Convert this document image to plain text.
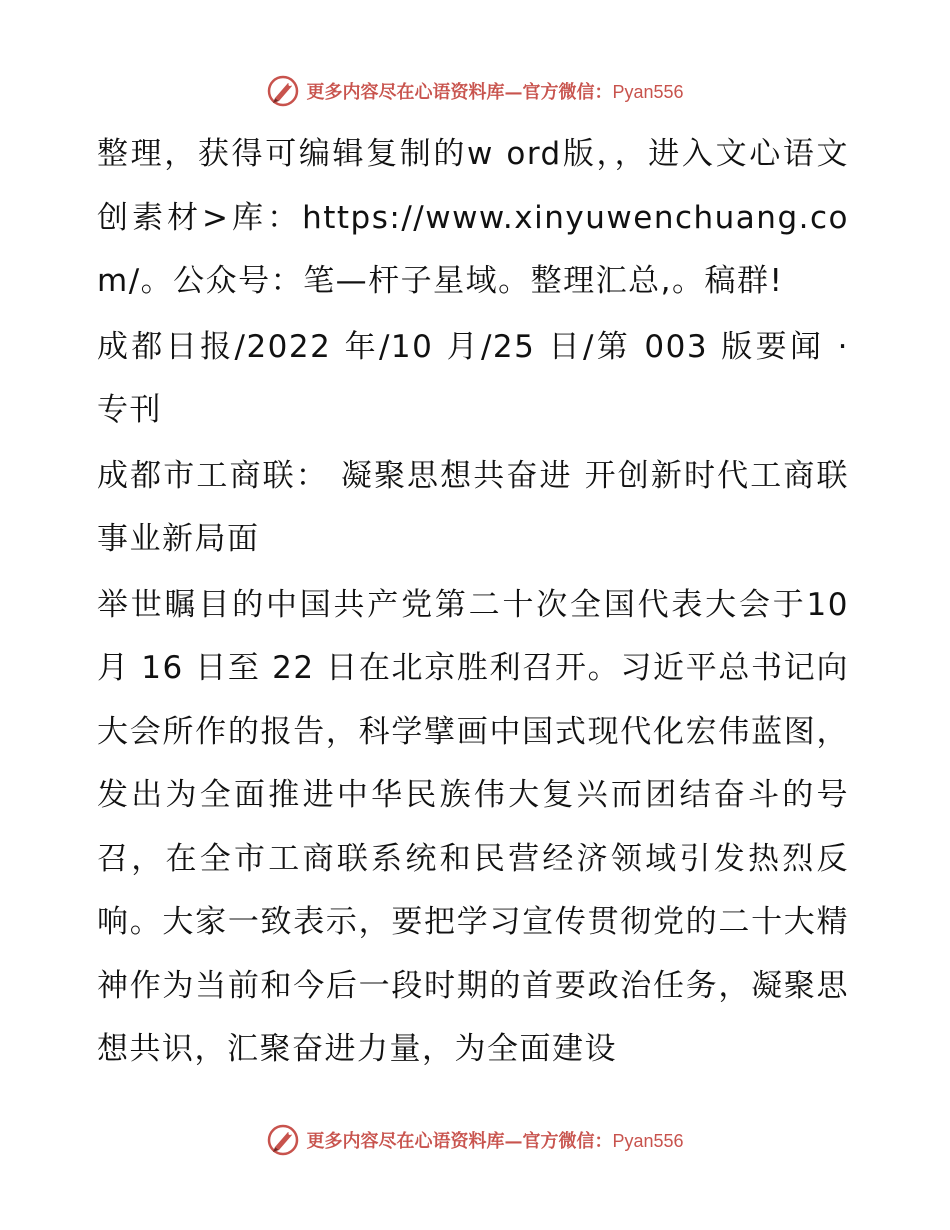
更多内容尽在心语资料库—官方微信：Pyan556

整理，获得可编辑复制的w ord版，，进入文心语文创素材>库：https://www.xinyuwenchuang.com/。公众号：笔—杆子星域。整理汇总,。稿群!

成都日报/2022 年/10 月/25 日/第 003 版要闻 · 专刊

成都市工商联： 凝聚思想共奋进 开创新时代工商联事业新局面

举世瞩目的中国共产党第二十次全国代表大会于10 月 16 日至 22 日在北京胜利召开。习近平总书记向大会所作的报告，科学擘画中国式现代化宏伟蓝图，发出为全面推进中华民族伟大复兴而团结奋斗的号召，在全市工商联系统和民营经济领域引发热烈反响。大家一致表示，要把学习宣传贯彻党的二十大精神作为当前和今后一段时期的首要政治任务，凝聚思想共识，汇聚奋进力量，为全面建设

更多内容尽在心语资料库—官方微信：Pyan556
